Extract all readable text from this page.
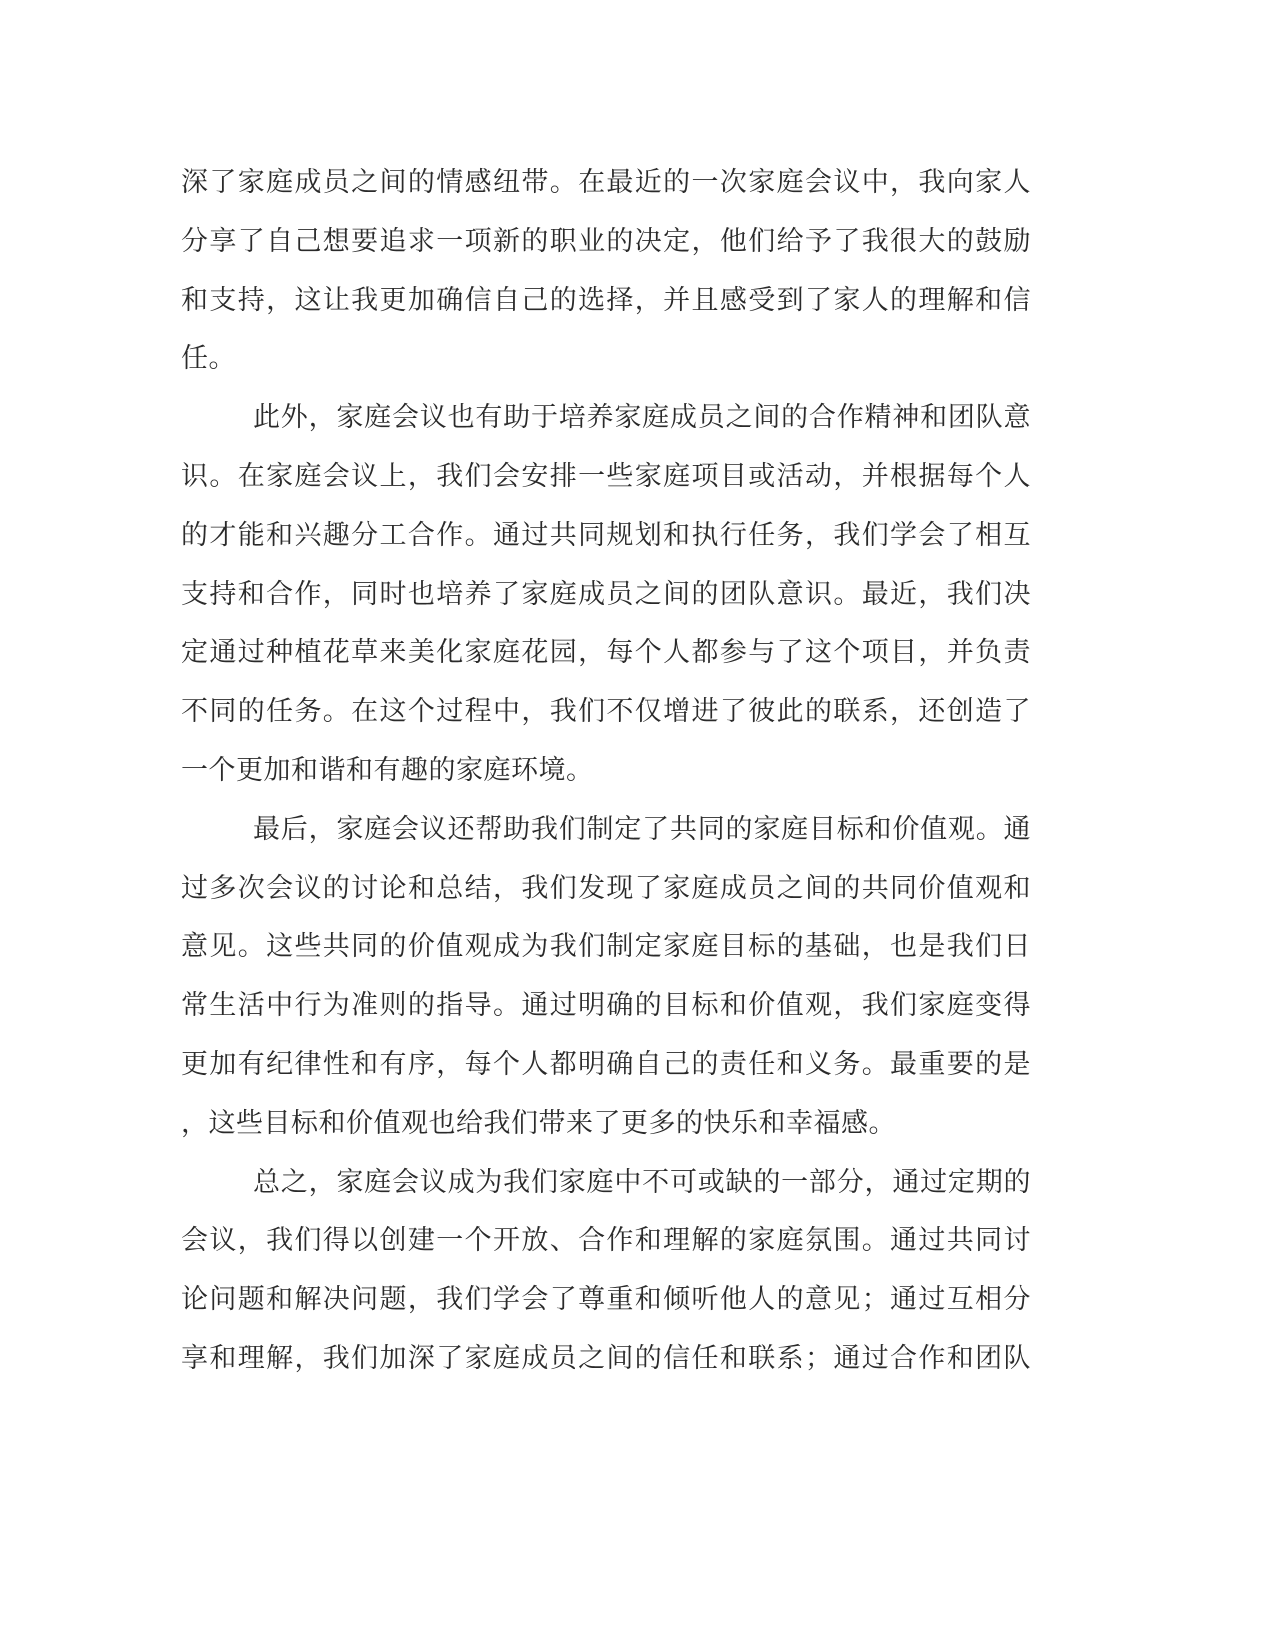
深了家庭成员之间的情感纽带。在最近的一次家庭会议中，我向家人
分享了自己想要追求一项新的职业的决定，他们给予了我很大的鼓励
和支持，这让我更加确信自己的选择，并且感受到了家人的理解和信
任。
此外，家庭会议也有助于培养家庭成员之间的合作精神和团队意
识。在家庭会议上，我们会安排一些家庭项目或活动，并根据每个人
的才能和兴趣分工合作。通过共同规划和执行任务，我们学会了相互
支持和合作，同时也培养了家庭成员之间的团队意识。最近，我们决
定通过种植花草来美化家庭花园，每个人都参与了这个项目，并负责
不同的任务。在这个过程中，我们不仅增进了彼此的联系，还创造了
一个更加和谐和有趣的家庭环境。
最后，家庭会议还帮助我们制定了共同的家庭目标和价值观。通
过多次会议的讨论和总结，我们发现了家庭成员之间的共同价值观和
意见。这些共同的价值观成为我们制定家庭目标的基础，也是我们日
常生活中行为准则的指导。通过明确的目标和价值观，我们家庭变得
更加有纪律性和有序，每个人都明确自己的责任和义务。最重要的是
，这些目标和价值观也给我们带来了更多的快乐和幸福感。
总之，家庭会议成为我们家庭中不可或缺的一部分，通过定期的
会议，我们得以创建一个开放、合作和理解的家庭氛围。通过共同讨
论问题和解决问题，我们学会了尊重和倾听他人的意见；通过互相分
享和理解，我们加深了家庭成员之间的信任和联系；通过合作和团队
